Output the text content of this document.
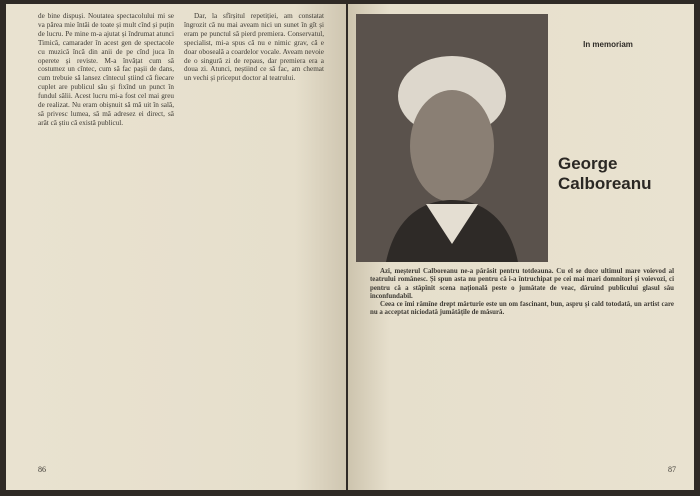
de bine dispuși. Noutatea spectacolului mi se va părea mie întâi de toate și mult cînd și puțin de lucru. Pe mine m-a ajutat și îndrumat atunci Timică, camarader în acest gen de spectacole cu muzică încă din anii de pe cînd juca în operete și reviste. M-a învățat cum să costumez un cîntec, cum să fac pașii de dans, cum trebuie să lansez cîntecul știind că fiecare cuplet are publicul său și fixînd un punct în fundul sălii. Acest lucru mi-a fost cel mai greu de realizat. Nu eram obișnuit să mă uit în sală, să privesc lumea, să mă adresez ei direct, să arăt că știu că există publicul.

Dar, la sfîrșitul repetiției, am constatat îngrozit că nu mai aveam nici un sunet în gît și eram pe punctul să pierd premiera. Conservatul, specialist, mi-a spus că nu e nimic grav, că e doar oboseală a coardelor vocale. Aveam nevoie de o singură zi de repaus, dar premiera era a doua zi. Atunci, neștiind ce să fac, am chemat un vechi și priceput doctor al teatrului.

86
In memoriam
George Calboreanu

Azi, meșterul Calboreanu ne-a părăsit pentru totdeauna. Cu el se duce ultimul mare voievod al teatrului românesc. Și spun asta nu pentru că i-a întruchipat pe cei mai mari domnitori și voievozi, ci pentru că a stăpînit scena națională peste o jumătate de veac, dăruind publicului glasul său inconfundabil.

Ceea ce îmi rămîne drept mărturie este un om fascinant, bun, aspru și cald totodată, un artist care nu a acceptat niciodată jumătățile de măsură.

87
